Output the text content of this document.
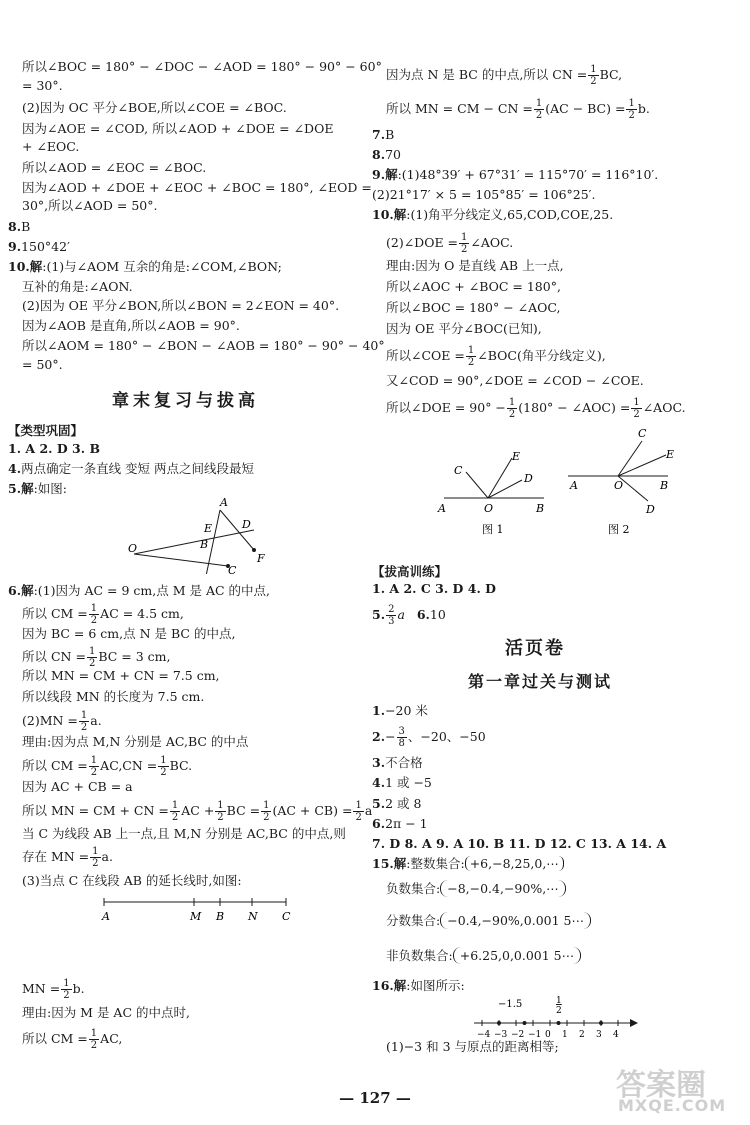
所以∠BOC = 180° − ∠DOC − ∠AOD = 180° − 90° − 60°
= 30°.
(2)因为 OC 平分∠BOE,所以∠COE = ∠BOC.
因为∠AOE = ∠COD, 所以∠AOD + ∠DOE = ∠DOE
+ ∠EOC.
所以∠AOD = ∠EOC = ∠BOC.
因为∠AOD + ∠DOE + ∠EOC + ∠BOC = 180°, ∠EOD =
30°,所以∠AOD = 50°.
8.B
9.150°42′
10.解:(1)与∠AOM 互余的角是:∠COM,∠BON;
互补的角是:∠AON.
(2)因为 OE 平分∠BON,所以∠BON = 2∠EON = 40°.
因为∠AOB 是直角,所以∠AOB = 90°.
所以∠AOM = 180° − ∠BON − ∠AOB = 180° − 90° − 40°
= 50°.
章末复习与拔高
【类型巩固】
1. A 2. D 3. B
4.两点确定一条直线 变短 两点之间线段最短
5.解:如图:
O
E
A
D
B
C
F
6.解:(1)因为 AC = 9 cm,点 M 是 AC 的中点,
所以 CM = $\frac{1}{2}$ AC = 4.5 cm,
因为 BC = 6 cm,点 N 是 BC 的中点,
所以 CN = $\frac{1}{2}$ BC = 3 cm,
所以 MN = CM + CN = 7.5 cm,
所以线段 MN 的长度为 7.5 cm.
$(2)MN = \frac{1}{2} a$.
理由:因为点 M,N 分别是 AC,BC 的中点
所以 CM = $\frac{1}{2} AC,CN = \frac{1}{2}$ BC.
因为 AC + CB = a
所以 MN = CM + CN = $\frac{1}{2}$ AC + $\frac{1}{2}$ BC = $\frac{1}{2} (AC + CB) = \frac{1}{2}$ a
当 C 为线段 AB 上一点,且 M,N 分别是 AC,BC 的中点,则
存在 MN = $\frac{1}{2} a$.
(3)当点 C 在线段 AB 的延长线时,如图:
A	M B N C
MN = $\frac{1}{2} b$.
理由:因为 M 是 AC 的中点时,
所以 CM = $\frac{1}{2}$ AC,
因为点 N 是 BC 的中点,所以 CN = $\frac{1}{2}$ BC,
所以 MN = CM − CN = $\frac{1}{2} (AC - BC) = \frac{1}{2} b$.
7.B
8.70
9.解:(1)48°39′ + 67°31′ = 115°70′ = 116°10′.
(2)21°17′ × 5 = 105°85′ = 106°25′.
10.解:(1)角平分线定义,65,COD,COE,25.
(2)∠DOE = $\frac{1}{2}$ ∠AOC.
理由:因为 O 是直线 AB 上一点,
所以∠AOC + ∠BOC = 180°,
所以∠BOC = 180° − ∠AOC,
因为 OE 平分∠BOC(已知),
所以∠COE = $\frac{1}{2}$ ∠BOC(角平分线定义),
又∠COD = 90°,∠DOE = ∠COD − ∠COE.
所以∠DOE = $90^\circ - \frac{1}{2} (180^\circ$ − ∠AOC) = $\frac{1}{2}$ ∠AOC.
C
E
D
A	O	B
图 1
C
E
A	O	B
D
图 2
【拔高训练】
1. A 2. C 3. D 4. D
5. $\frac{2}{3}$ a 6.10
活页卷
第一章过关与测试
1.−20 米
$2.- \frac{3}{8}$ 、−20、−50
3.不合格
4.1 或 −5
5.2 或 8
6.2π − 1
7. D 8. A 9. A 10. B 11. D 12. C 13. A 14. A
15.解:整数集合: +6,−8,25,0,⋯
负数集合: −8,−0.4,−90%,⋯
分数集合: −0.4,−90%,0.001 5⋯
非负数集合: +6.25,0,0.001 5⋯
16.解:如图所示:
−4 −3 −2 −1 0 1 2 3 4
−1.5	1
2
(1)−3 和 3 与原点的距离相等;
— 127 —	答案圈
MXQE.COM
